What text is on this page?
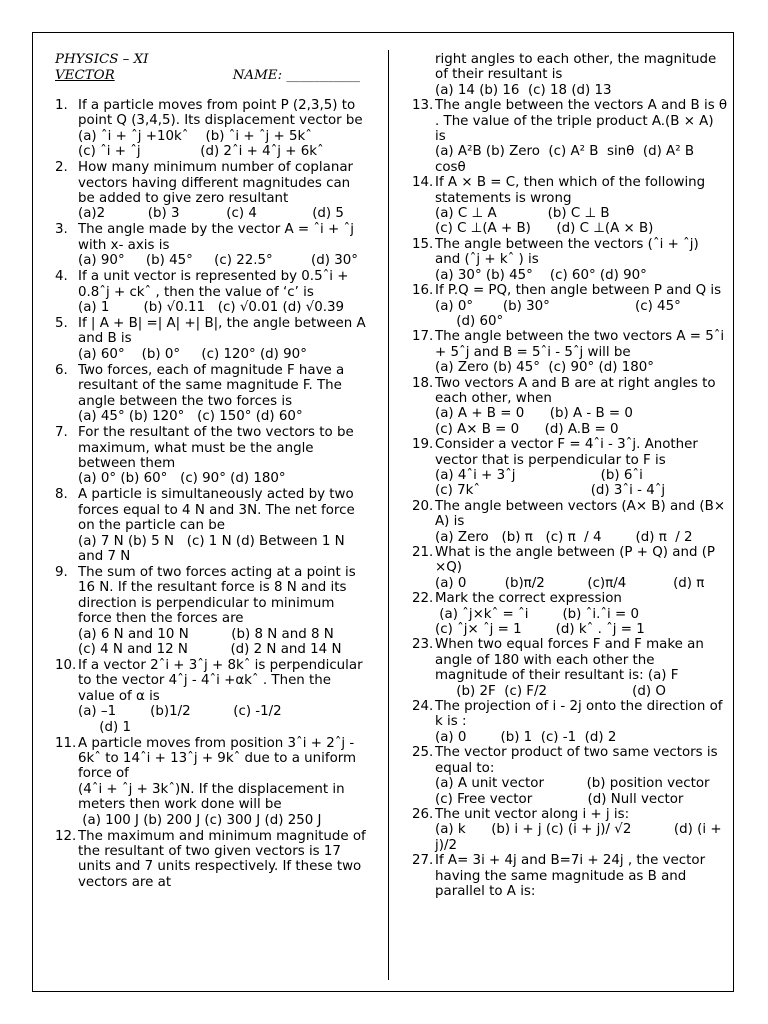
PHYSICS – XI
VECTOR	NAME: ___________
1. If a particle moves from point P (2,3,5) to point Q (3,4,5). Its displacement vector be
(a) ˆi + ˆj +10kˆ    (b) ˆi + ˆj + 5kˆ
(c) ˆi + ˆj              (d) 2ˆi + 4ˆj + 6kˆ
2. How many minimum number of coplanar vectors having different magnitudes can be added to give zero resultant
(a)2          (b) 3           (c) 4             (d) 5
3. The angle made by the vector A = ˆi + ˆj with x- axis is
(a) 90°     (b) 45°     (c) 22.5°         (d) 30°
4. If a unit vector is represented by 0.5ˆi + 0.8ˆj + ckˆ , then the value of ‘c’ is
(a) 1        (b) √0.11   (c) √0.01 (d) √0.39
5. If | A + B| =| A| +| B|, the angle between A and B is
(a) 60°    (b) 0°     (c) 120° (d) 90°
6. Two forces, each of magnitude F have a resultant of the same magnitude F. The angle between the two forces is
(a) 45° (b) 120°   (c) 150° (d) 60°
7. For the resultant of the two vectors to be maximum, what must be the angle between them
(a) 0° (b) 60°   (c) 90° (d) 180°
8. A particle is simultaneously acted by two forces equal to 4 N and 3N. The net force on the particle can be
(a) 7 N (b) 5 N   (c) 1 N (d) Between 1 N and 7 N
9. The sum of two forces acting at a point is 16 N. If the resultant force is 8 N and its direction is perpendicular to minimum force then the forces are
(a) 6 N and 10 N          (b) 8 N and 8 N
(c) 4 N and 12 N          (d) 2 N and 14 N
10. If a vector 2ˆi + 3ˆj + 8kˆ is perpendicular to the vector 4ˆj - 4ˆi +αkˆ . Then the value of α is
(a) –1        (b)1/2          (c) -1/2
(d) 1
11. A particle moves from position 3ˆi + 2ˆj - 6kˆ to 14ˆi + 13ˆj + 9kˆ due to a uniform force of
(4ˆi + ˆj + 3kˆ)N. If the displacement in meters then work done will be
(a) 100 J (b) 200 J (c) 300 J (d) 250 J
12. The maximum and minimum magnitude of the resultant of two given vectors is 17 units and 7 units respectively. If these two vectors are at
right angles to each other, the magnitude of their resultant is
(a) 14 (b) 16  (c) 18 (d) 13
13. The angle between the vectors A and B is θ . The value of the triple product A.(B × A) is
(a) A²B (b) Zero  (c) A² B  sinθ  (d) A² B cosθ
14. If A × B = C, then which of the following statements is wrong
(a) C ⊥ A            (b) C ⊥ B
(c) C ⊥(A + B)      (d) C ⊥(A × B)
15. The angle between the vectors (ˆi + ˆj) and (ˆj + kˆ ) is
(a) 30° (b) 45°    (c) 60° (d) 90°
16. If P.Q = PQ, then angle between P and Q is
(a) 0°       (b) 30°                    (c) 45°
(d) 60°
17. The angle between the two vectors A = 5ˆi + 5ˆj and B = 5ˆi - 5ˆj will be
(a) Zero (b) 45°  (c) 90° (d) 180°
18. Two vectors A and B are at right angles to each other, when
(a) A + B = 0      (b) A - B = 0
(c) A× B = 0      (d) A.B = 0
19. Consider a vector F = 4ˆi - 3ˆj. Another vector that is perpendicular to F is
(a) 4ˆi + 3ˆj                    (b) 6ˆi
(c) 7kˆ                          (d) 3ˆi - 4ˆj
20. The angle between vectors (A× B) and (B× A) is
(a) Zero   (b) π   (c) π  / 4        (d) π  / 2
21. What is the angle between (P + Q) and (P ×Q)
(a) 0         (b)π/2          (c)π/4           (d) π
22. Mark the correct expression
(a) ˆj×kˆ = ˆi        (b) ˆi.ˆi = 0
(c) ˆj× ˆj = 1        (d) kˆ . ˆj = 1
23. When two equal forces F and F make an angle of 180 with each other the magnitude of their resultant is: (a) F
(b) 2F  (c) F/2                    (d) O
24. The projection of i - 2j onto the direction of k is :
(a) 0        (b) 1  (c) -1  (d) 2
25. The vector product of two same vectors is equal to:
(a) A unit vector          (b) position vector
(c) Free vector             (d) Null vector
26. The unit vector along i + j is:
(a) k      (b) i + j (c) (i + j)/ √2          (d) (i + j)/2
27. If A= 3i + 4j and B=7i + 24j , the vector having the same magnitude as B and parallel to A is:
